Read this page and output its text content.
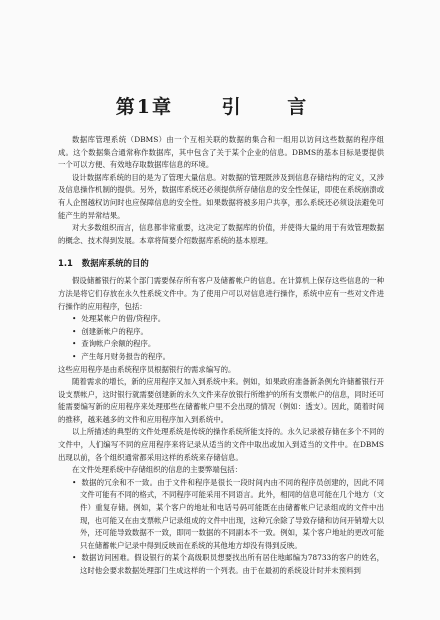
第1章	引 言

数据库管理系统（DBMS）由一个互相关联的数据的集合和一组用以访问这些数据的程序组成。这个数据集合通常称作数据库，其中包含了关于某个企业的信息。DBMS的基本目标是要提供一个可以方便、有效地存取数据库信息的环境。

设计数据库系统的目的是为了管理大量信息。对数据的管理既涉及到信息存储结构的定义，又涉及信息操作机制的提供。另外，数据库系统还必须提供所存储信息的安全性保证，即使在系统崩溃或有人企图越权访问时也应保障信息的安全性。如果数据将被多用户共享，那么系统还必须设法避免可能产生的异常结果。

对大多数组织而言，信息都非常重要，这决定了数据库的价值，并使得大量的用于有效管理数据的概念、技术得到发展。本章将简要介绍数据库系统的基本原理。

1.1 数据库系统的目的

假设储蓄银行的某个部门需要保存所有客户及储蓄帐户的信息。在计算机上保存这些信息的一种方法是将它们存放在永久性系统文件中。为了使用户可以对信息进行操作，系统中应有一些对文件进行操作的应用程序，包括：

• 处理某帐户的借/贷程序。
• 创建新帐户的程序。
• 查询帐户余额的程序。
• 产生每月财务报告的程序。

这些应用程序是由系统程序员根据银行的需求编写的。

随着需求的增长，新的应用程序又加入到系统中来。例如，如果政府准备新条例允许储蓄银行开设支票帐户，这时银行就需要创建新的永久文件来存放银行所维护的所有支票帐户的信息，同时还可能需要编写新的应用程序来处理那些在储蓄帐户里不会出现的情况（例如：透支）。因此，随着时间的推移，越来越多的文件和应用程序加入到系统中。

以上所描述的典型的文件处理系统是传统的操作系统所能支持的。永久记录被存储在多个不同的文件中，人们编写不同的应用程序来将记录从适当的文件中取出或加入到适当的文件中。在DBMS出现以前，各个组织通常都采用这样的系统来存储信息。

在文件处理系统中存储组织的信息的主要弊端包括：

• 数据的冗余和不一致。由于文件和程序是很长一段时间内由不同的程序员创建的，因此不同文件可能有不同的格式，不同程序可能采用不同语言。此外，相同的信息可能在几个地方（文件）重复存储。例如，某个客户的地址和电话号码可能既在由储蓄帐户记录组成的文件中出现，也可能又在由支票帐户记录组成的文件中出现，这种冗余除了导致存储和访问开销增大以外，还可能导致数据不一致，即同一数据的不同副本不一致。例如，某个客户地址的更改可能只在储蓄帐户记录中得到反映而在系统的其他地方却没有得到反映。
• 数据访问困难。假设银行的某个高级职员想要找出所有居住地邮编为78733的客户的姓名，这时他会要求数据处理部门生成这样的一个列表。由于在最初的系统设计时并未预料到
